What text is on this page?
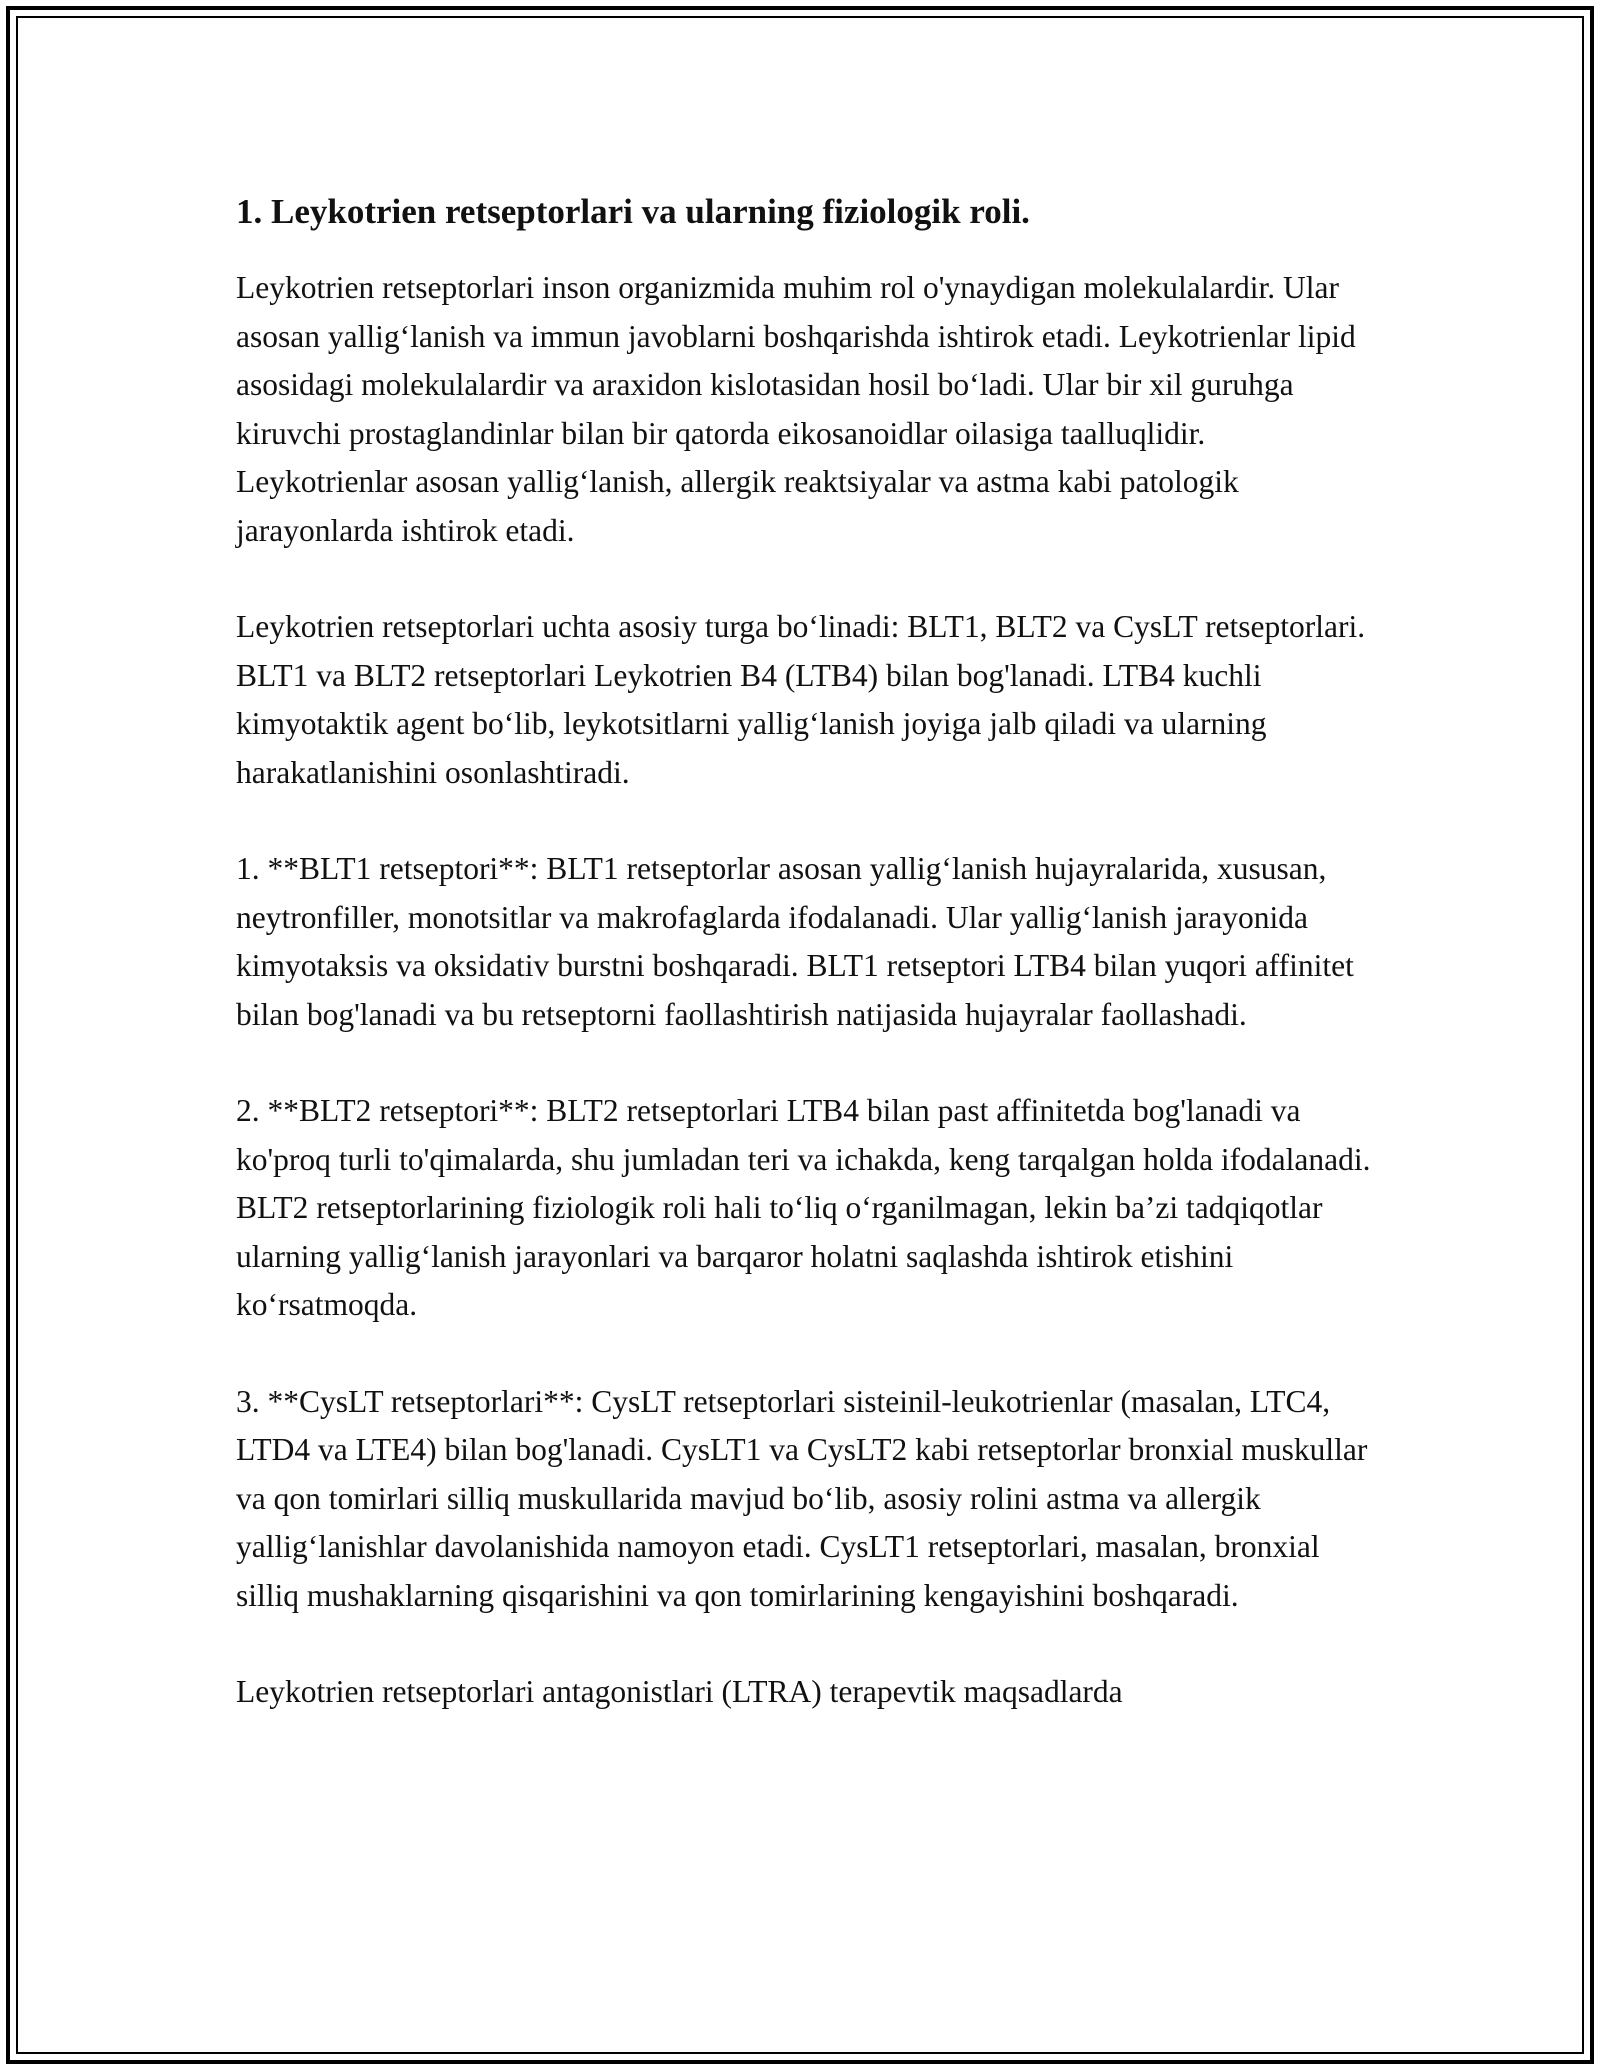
1. Leykotrien retseptorlari va ularning fiziologik roli.

Leykotrien retseptorlari inson organizmida muhim rol o'ynaydigan molekulalardir. Ular asosan yallig‘lanish va immun javoblarni boshqarishda ishtirok etadi. Leykotrienlar lipid asosidagi molekulalardir va araxidon kislotasidan hosil bo‘ladi. Ular bir xil guruhga kiruvchi prostaglandinlar bilan bir qatorda eikosanoidlar oilasiga taalluqlidir. Leykotrienlar asosan yallig‘lanish, allergik reaktsiyalar va astma kabi patologik jarayonlarda ishtirok etadi.

Leykotrien retseptorlari uchta asosiy turga bo‘linadi: BLT1, BLT2 va CysLT retseptorlari. BLT1 va BLT2 retseptorlari Leykotrien B4 (LTB4) bilan bog'lanadi. LTB4 kuchli kimyotaktik agent bo‘lib, leykotsitlarni yallig‘lanish joyiga jalb qiladi va ularning harakatlanishini osonlashtiradi.

1. **BLT1 retseptori**: BLT1 retseptorlar asosan yallig‘lanish hujayralarida, xususan, neytronfiller, monotsitlar va makrofaglarda ifodalanadi. Ular yallig‘lanish jarayonida kimyotaksis va oksidativ burstni boshqaradi. BLT1 retseptori LTB4 bilan yuqori affinitet bilan bog'lanadi va bu retseptorni faollashtirish natijasida hujayralar faollashadi.

2. **BLT2 retseptori**: BLT2 retseptorlari LTB4 bilan past affinitetda bog'lanadi va ko'proq turli to'qimalarda, shu jumladan teri va ichakda, keng tarqalgan holda ifodalanadi. BLT2 retseptorlarining fiziologik roli hali to‘liq o‘rganilmagan, lekin ba’zi tadqiqotlar ularning yallig‘lanish jarayonlari va barqaror holatni saqlashda ishtirok etishini ko‘rsatmoqda.

3. **CysLT retseptorlari**: CysLT retseptorlari sisteinil-leukotrienlar (masalan, LTC4, LTD4 va LTE4) bilan bog'lanadi. CysLT1 va CysLT2 kabi retseptorlar bronxial muskullar va qon tomirlari silliq muskullarida mavjud bo‘lib, asosiy rolini astma va allergik yallig‘lanishlar davolanishida namoyon etadi. CysLT1 retseptorlari, masalan, bronxial silliq mushaklarning qisqarishini va qon tomirlarining kengayishini boshqaradi.

Leykotrien retseptorlari antagonistlari (LTRA) terapevtik maqsadlarda
